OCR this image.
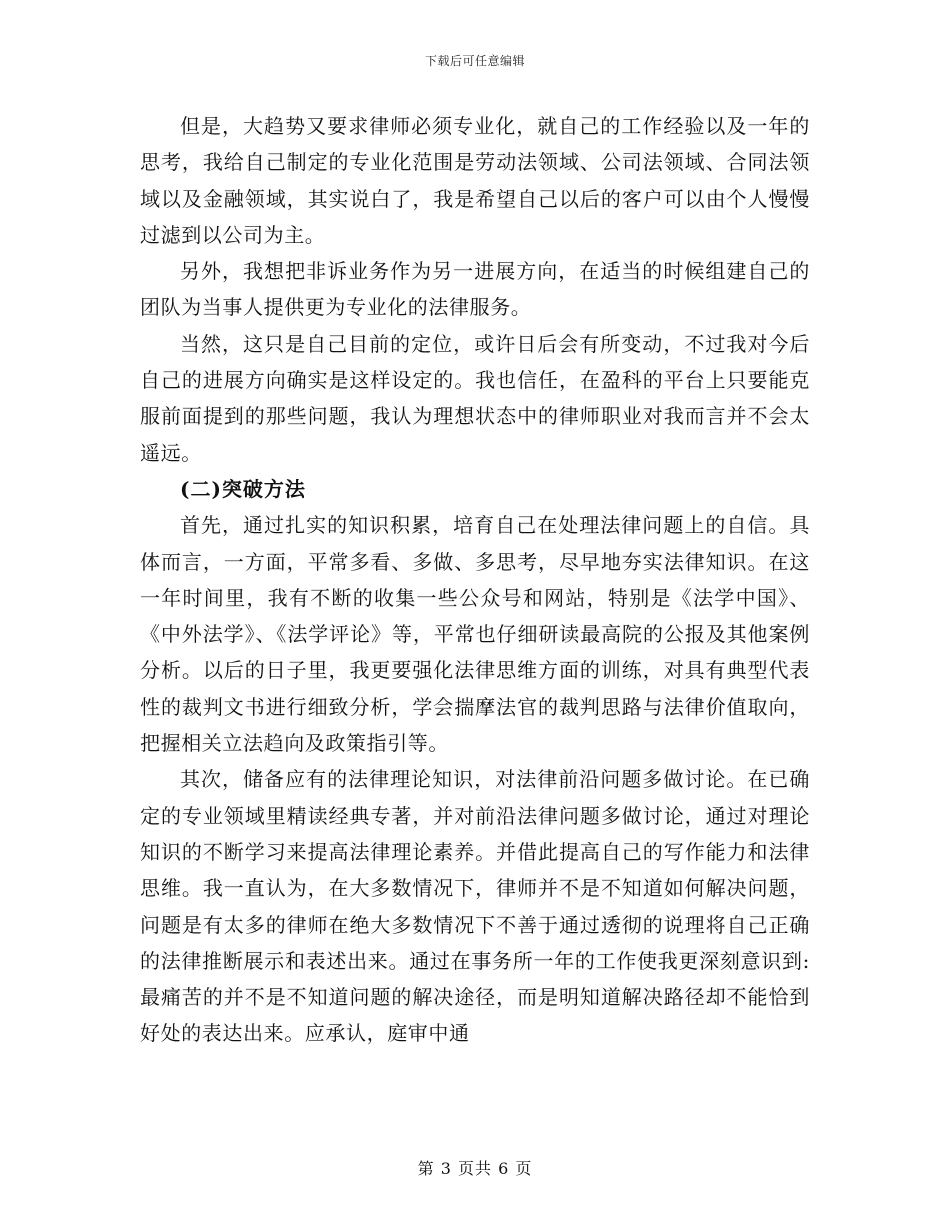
下载后可任意编辑

但是，大趋势又要求律师必须专业化，就自己的工作经验以及一年的思考，我给自己制定的专业化范围是劳动法领域、公司法领域、合同法领域以及金融领域，其实说白了，我是希望自己以后的客户可以由个人慢慢过滤到以公司为主。

另外，我想把非诉业务作为另一进展方向，在适当的时候组建自己的团队为当事人提供更为专业化的法律服务。

当然，这只是自己目前的定位，或许日后会有所变动，不过我对今后自己的进展方向确实是这样设定的。我也信任，在盈科的平台上只要能克服前面提到的那些问题，我认为理想状态中的律师职业对我而言并不会太遥远。

(二)突破方法

首先，通过扎实的知识积累，培育自己在处理法律问题上的自信。具体而言，一方面，平常多看、多做、多思考，尽早地夯实法律知识。在这一年时间里，我有不断的收集一些公众号和网站，特别是《法学中国》、《中外法学》、《法学评论》等，平常也仔细研读最高院的公报及其他案例分析。以后的日子里，我更要强化法律思维方面的训练，对具有典型代表性的裁判文书进行细致分析，学会揣摩法官的裁判思路与法律价值取向，把握相关立法趋向及政策指引等。

其次，储备应有的法律理论知识，对法律前沿问题多做讨论。在已确定的专业领域里精读经典专著，并对前沿法律问题多做讨论，通过对理论知识的不断学习来提高法律理论素养。并借此提高自己的写作能力和法律思维。我一直认为，在大多数情况下，律师并不是不知道如何解决问题，问题是有太多的律师在绝大多数情况下不善于通过透彻的说理将自己正确的法律推断展示和表述出来。通过在事务所一年的工作使我更深刻意识到:最痛苦的并不是不知道问题的解决途径，而是明知道解决路径却不能恰到好处的表达出来。应承认，庭审中通

第 3 页共 6 页
